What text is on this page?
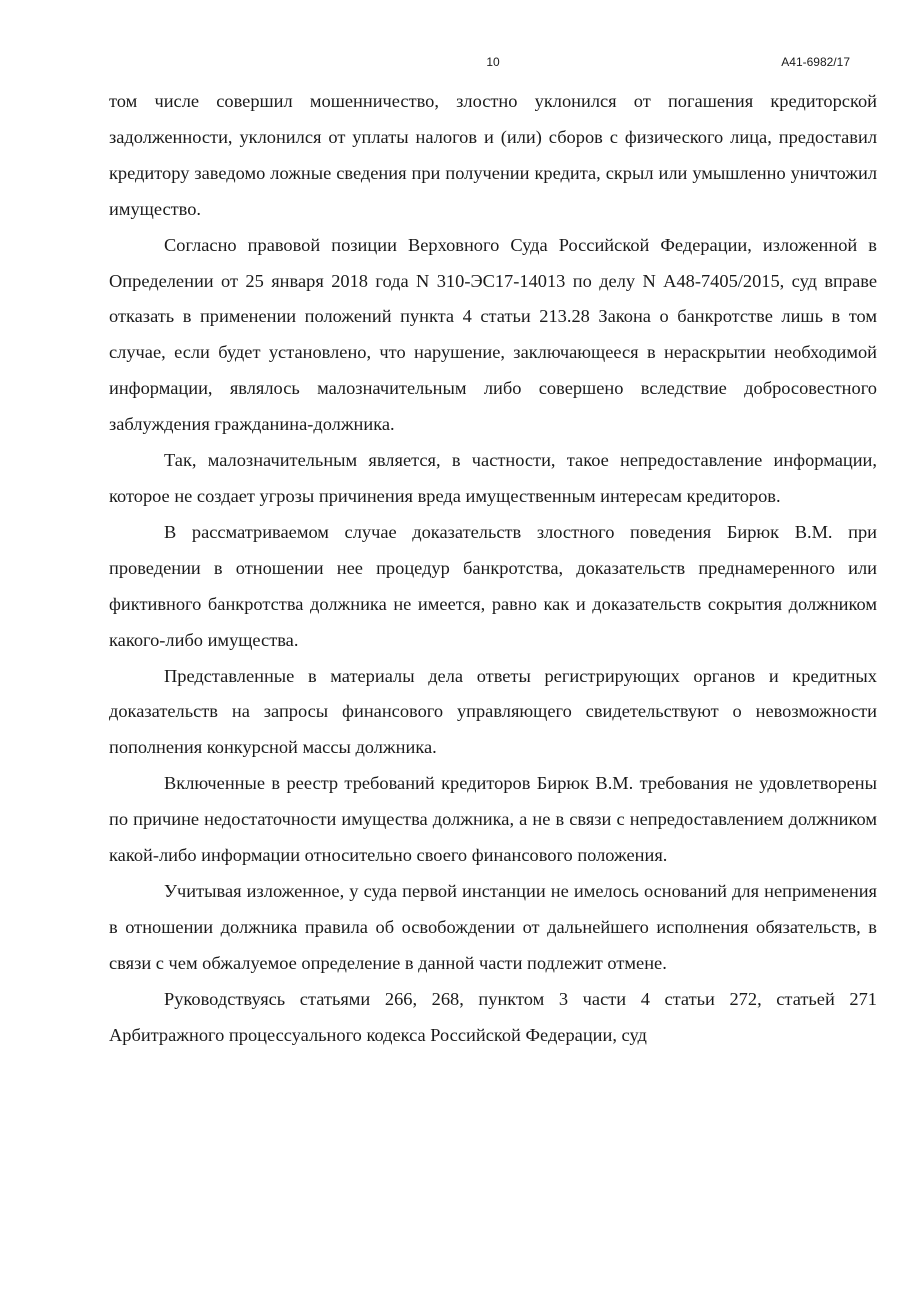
10	А41-6982/17

том числе совершил мошенничество, злостно уклонился от погашения кредиторской задолженности, уклонился от уплаты налогов и (или) сборов с физического лица, предоставил кредитору заведомо ложные сведения при получении кредита, скрыл или умышленно уничтожил имущество.

Согласно правовой позиции Верховного Суда Российской Федерации, изложенной в Определении от 25 января 2018 года N 310-ЭС17-14013 по делу N А48-7405/2015, суд вправе отказать в применении положений пункта 4 статьи 213.28 Закона о банкротстве лишь в том случае, если будет установлено, что нарушение, заключающееся в нераскрытии необходимой информации, являлось малозначительным либо совершено вследствие добросовестного заблуждения гражданина-должника.

Так, малозначительным является, в частности, такое непредоставление информации, которое не создает угрозы причинения вреда имущественным интересам кредиторов.

В рассматриваемом случае доказательств злостного поведения Бирюк В.М. при проведении в отношении нее процедур банкротства, доказательств преднамеренного или фиктивного банкротства должника не имеется, равно как и доказательств сокрытия должником какого-либо имущества.

Представленные в материалы дела ответы регистрирующих органов и кредитных доказательств на запросы финансового управляющего свидетельствуют о невозможности пополнения конкурсной массы должника.

Включенные в реестр требований кредиторов Бирюк В.М. требования не удовлетворены по причине недостаточности имущества должника, а не в связи с непредоставлением должником какой-либо информации относительно своего финансового положения.

Учитывая изложенное, у суда первой инстанции не имелось оснований для неприменения в отношении должника правила об освобождении от дальнейшего исполнения обязательств, в связи с чем обжалуемое определение в данной части подлежит отмене.

Руководствуясь статьями 266, 268, пунктом 3 части 4 статьи 272, статьей 271 Арбитражного процессуального кодекса Российской Федерации, суд
